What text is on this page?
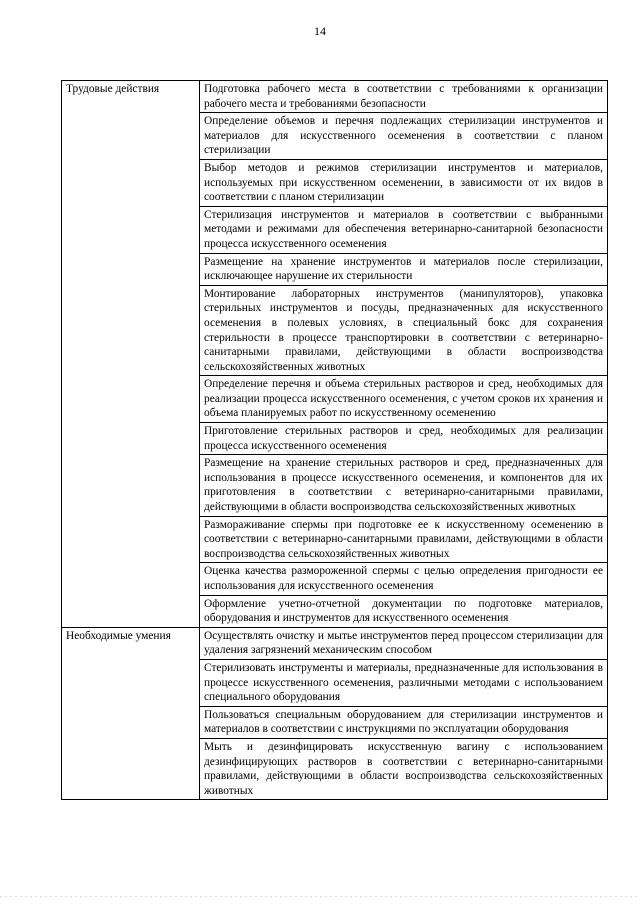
14
Трудовые действия	Подготовка рабочего места в соответствии с требованиями к организации рабочего места и требованиями безопасности
	Определение объемов и перечня подлежащих стерилизации инструментов и материалов для искусственного осеменения в соответствии с планом стерилизации
	Выбор методов и режимов стерилизации инструментов и материалов, используемых при искусственном осеменении, в зависимости от их видов в соответствии с планом стерилизации
	Стерилизация инструментов и материалов в соответствии с выбранными методами и режимами для обеспечения ветеринарно-санитарной безопасности процесса искусственного осеменения
	Размещение на хранение инструментов и материалов после стерилизации, исключающее нарушение их стерильности
	Монтирование лабораторных инструментов (манипуляторов), упаковка стерильных инструментов и посуды, предназначенных для искусственного осеменения в полевых условиях, в специальный бокс для сохранения стерильности в процессе транспортировки в соответствии с ветеринарно-санитарными правилами, действующими в области воспроизводства сельскохозяйственных животных
	Определение перечня и объема стерильных растворов и сред, необходимых для реализации процесса искусственного осеменения, с учетом сроков их хранения и объема планируемых работ по искусственному осеменению
	Приготовление стерильных растворов и сред, необходимых для реализации процесса искусственного осеменения
	Размещение на хранение стерильных растворов и сред, предназначенных для использования в процессе искусственного осеменения, и компонентов для их приготовления в соответствии с ветеринарно-санитарными правилами, действующими в области воспроизводства сельскохозяйственных животных
	Размораживание спермы при подготовке ее к искусственному осеменению в соответствии с ветеринарно-санитарными правилами, действующими в области воспроизводства сельскохозяйственных животных
	Оценка качества размороженной спермы с целью определения пригодности ее использования для искусственного осеменения
	Оформление учетно-отчетной документации по подготовке материалов, оборудования и инструментов для искусственного осеменения
Необходимые умения	Осуществлять очистку и мытье инструментов перед процессом стерилизации для удаления загрязнений механическим способом
	Стерилизовать инструменты и материалы, предназначенные для использования в процессе искусственного осеменения, различными методами с использованием специального оборудования
	Пользоваться специальным оборудованием для стерилизации инструментов и материалов в соответствии с инструкциями по эксплуатации оборудования
	Мыть и дезинфицировать искусственную вагину с использованием дезинфицирующих растворов в соответствии с ветеринарно-санитарными правилами, действующими в области воспроизводства сельскохозяйственных животных
